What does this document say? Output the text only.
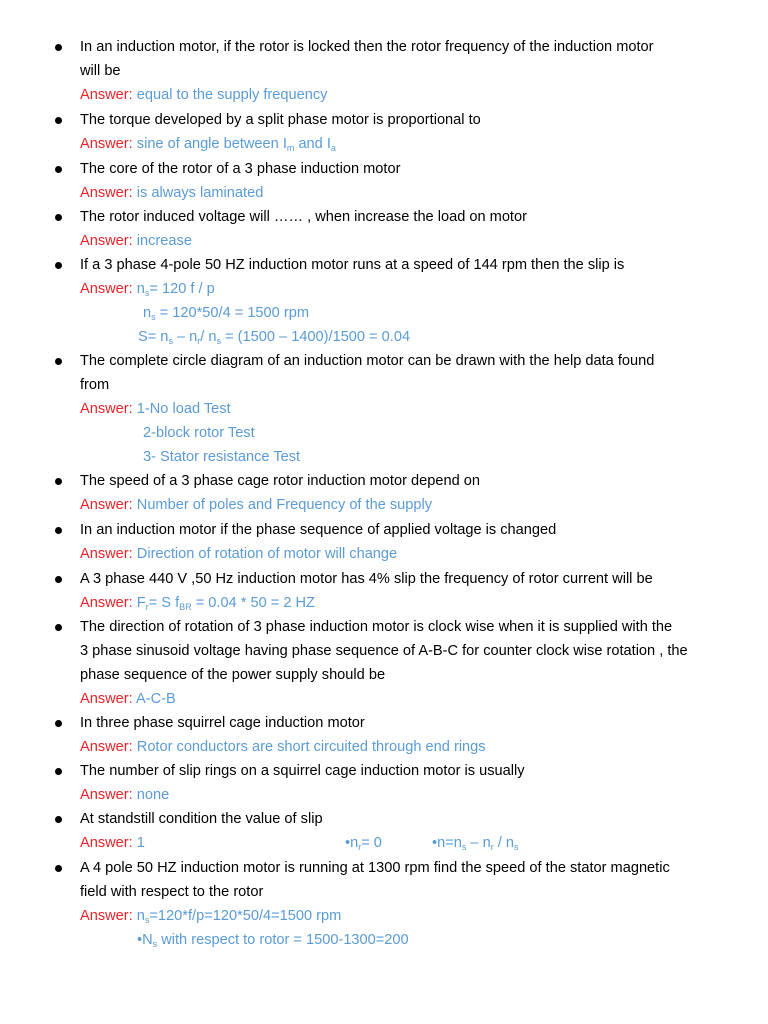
In an induction motor, if the rotor is locked then the rotor frequency of the induction motor
will be
Answer: equal to the supply frequency
The torque developed by a split phase motor is proportional to
Answer: sine of angle between $I_m$ and $I_a$
The core of the rotor of a 3 phase induction motor
Answer: is always laminated
The rotor induced voltage will …… , when increase the load on motor
Answer: increase
If a 3 phase 4-pole 50 HZ induction motor runs at a speed of 144 rpm then the slip is
Answer: $n_s= 120$ f / p
$n_s = 120*50/4 = 1500$ rpm
$S= n_s - n_r/$ $n_s = (1500 - 1400)/1500 = 0.04$
The complete circle diagram of an induction motor can be drawn with the help data found
from
Answer: 1-No load Test
2-block rotor Test
3- Stator resistance Test
The speed of a 3 phase cage rotor induction motor depend on
Answer: Number of poles and Frequency of the supply
In an induction motor if the phase sequence of applied voltage is changed
Answer: Direction of rotation of motor will change
A 3 phase 440 V ,50 Hz induction motor has 4% slip the frequency of rotor current will be
Answer: $F_r= S$ $f_{BR} = 0.04 * 50 = 2$ HZ
The direction of rotation of 3 phase induction motor is clock wise when it is supplied with the
3 phase sinusoid voltage having phase sequence of A-B-C for counter clock wise rotation , the
phase sequence of the power supply should be
Answer: A-C-B
In three phase squirrel cage induction motor
Answer: Rotor conductors are short circuited through end rings
The number of slip rings on a squirrel cage induction motor is usually
Answer: none
At standstill condition the value of slip
Answer: 1	$•n_r= 0$	$•n=n_s - n_r / n_s$
A 4 pole 50 HZ induction motor is running at 1300 rpm find the speed of the stator magnetic
field with respect to the rotor
Answer: $n_s=120*f/p=120*50/4=1500$ rpm
$•N_s$ with respect to rotor = 1500-1300=200
